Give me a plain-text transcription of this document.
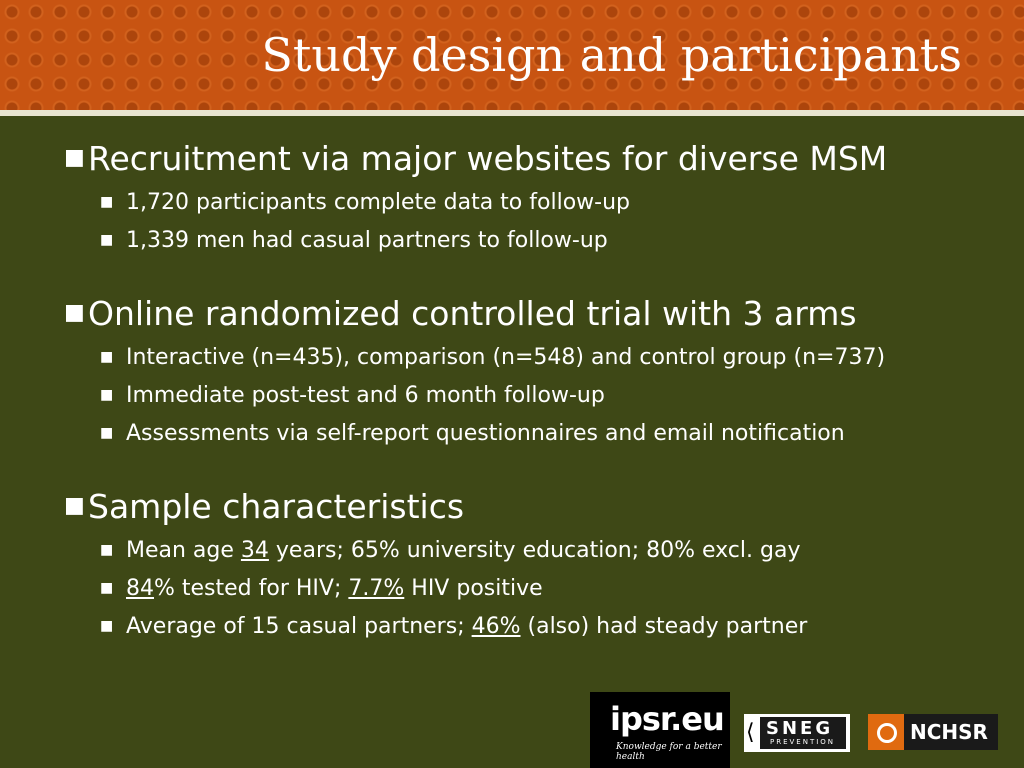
Study design and participants
■ Recruitment via major websites for diverse MSM
■ 1,720 participants complete data to follow-up
■ 1,339 men had casual partners to follow-up
■ Online randomized controlled trial with 3 arms
■ Interactive (n=435), comparison (n=548) and control group (n=737)
■ Immediate post-test and 6 month follow-up
■ Assessments via self-report questionnaires and email notification
■ Sample characteristics
■ Mean age 34 years; 65% university education; 80% excl. gay
■ 84% tested for HIV; 7.7% HIV positive
■ Average of 15 casual partners; 46% (also) had steady partner
ipsr.eu
Knowledge for a better health
⟨ SNEG
PREVENTION	NCHSR
